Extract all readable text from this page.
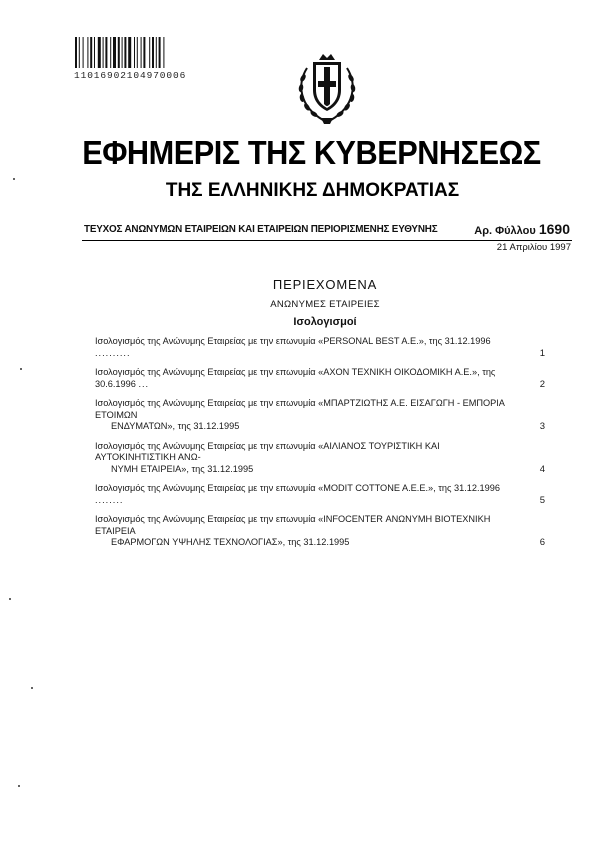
11016902104970006
ΕΦΗΜΕΡΙΣ ΤΗΣ ΚΥΒΕΡΝΗΣΕΩΣ
ΤΗΣ ΕΛΛΗΝΙΚΗΣ ΔΗΜΟΚΡΑΤΙΑΣ
ΤΕΥΧΟΣ ΑΝΩΝΥΜΩΝ ΕΤΑΙΡΕΙΩΝ ΚΑΙ ΕΤΑΙΡΕΙΩΝ ΠΕΡΙΟΡΙΣΜΕΝΗΣ ΕΥΘΥΝΗΣ	Αρ. Φύλλου 1690
21 Απριλίου 1997
ΠΕΡΙΕΧΟΜΕΝΑ
ΑΝΩΝΥΜΕΣ ΕΤΑΙΡΕΙΕΣ
Ισολογισμοί
Ισολογισμός της Ανώνυμης Εταιρείας με την επωνυμία «PERSONAL BEST A.E.», της 31.12.1996 ..........	1
Ισολογισμός της Ανώνυμης Εταιρείας με την επωνυμία «ΑΧΟΝ ΤΕΧΝΙΚΗ ΟΙΚΟΔΟΜΙΚΗ Α.Ε.», της 30.6.1996 ...	2
Ισολογισμός της Ανώνυμης Εταιρείας με την επωνυμία «ΜΠΑΡΤΖΙΩΤΗΣ Α.Ε. ΕΙΣΑΓΩΓΗ - ΕΜΠΟΡΙΑ ΕΤΟΙΜΩΝ
ΕΝΔΥΜΑΤΩΝ», της 31.12.1995	3
Ισολογισμός της Ανώνυμης Εταιρείας με την επωνυμία «ΑΙΛΙΑΝΟΣ ΤΟΥΡΙΣΤΙΚΗ ΚΑΙ ΑΥΤΟΚΙΝΗΤΙΣΤΙΚΗ ΑΝΩ-
ΝΥΜΗ ΕΤΑΙΡΕΙΑ», της 31.12.1995	4
Ισολογισμός της Ανώνυμης Εταιρείας με την επωνυμία «MODIT COTTONE A.E.E.», της 31.12.1996 ........	5
Ισολογισμός της Ανώνυμης Εταιρείας με την επωνυμία «INFOCENTER ΑΝΩΝΥΜΗ ΒΙΟΤΕΧΝΙΚΗ ΕΤΑΙΡΕΙΑ
ΕΦΑΡΜΟΓΩΝ ΥΨΗΛΗΣ ΤΕΧΝΟΛΟΓΙΑΣ», της 31.12.1995	6
